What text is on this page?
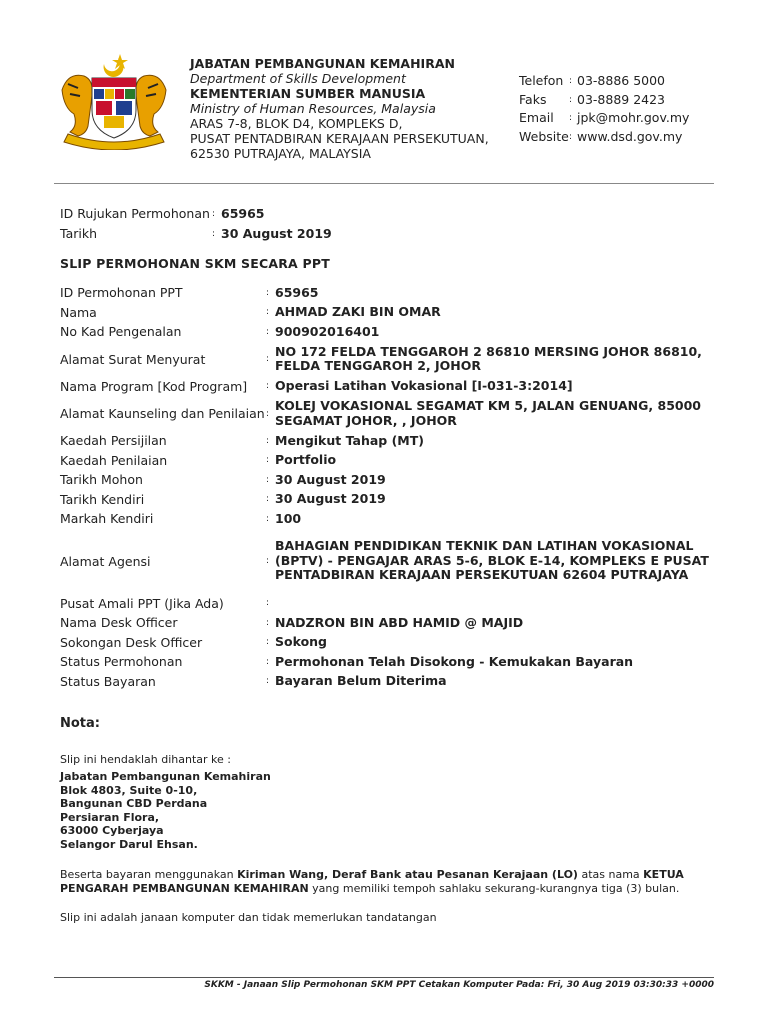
JABATAN PEMBANGUNAN KEMAHIRAN
Department of Skills Development
KEMENTERIAN SUMBER MANUSIA
Ministry of Human Resources, Malaysia
ARAS 7-8, BLOK D4, KOMPLEKS D,
PUSAT PENTADBIRAN KERAJAAN PERSEKUTUAN,
62530 PUTRAJAYA, MALAYSIA
Telefon : 03-8886 5000
Faks	: 03-8889 2423
Email	: jpk@mohr.gov.my
Website : www.dsd.gov.my
ID Rujukan Permohonan : 65965
Tarikh	: 30 August 2019
SLIP PERMOHONAN SKM SECARA PPT
ID Permohonan PPT	: 65965
Nama	: AHMAD ZAKI BIN OMAR
No Kad Pengenalan	: 900902016401
Alamat Surat Menyurat	:
NO 172 FELDA TENGGAROH 2 86810 MERSING JOHOR 86810, FELDA TENGGAROH 2, JOHOR
Nama Program [Kod Program]	: Operasi Latihan Vokasional [I-031-3:2014]
Alamat Kaunseling dan Penilaian :
KOLEJ VOKASIONAL SEGAMAT KM 5, JALAN GENUANG, 85000 SEGAMAT JOHOR, , JOHOR
Kaedah Persijilan	: Mengikut Tahap (MT)
Kaedah Penilaian	: Portfolio
Tarikh Mohon	: 30 August 2019
Tarikh Kendiri	: 30 August 2019
Markah Kendiri	: 100
Alamat Agensi	:
BAHAGIAN PENDIDIKAN TEKNIK DAN LATIHAN VOKASIONAL (BPTV) - PENGAJAR ARAS 5-6, BLOK E-14, KOMPLEKS E PUSAT PENTADBIRAN KERAJAAN PERSEKUTUAN 62604 PUTRAJAYA
Pusat Amali PPT (Jika Ada)	:
Nama Desk Officer	: NADZRON BIN ABD HAMID @ MAJID
Sokongan Desk Officer	: Sokong
Status Permohonan	: Permohonan Telah Disokong - Kemukakan Bayaran
Status Bayaran	: Bayaran Belum Diterima
Nota:
Slip ini hendaklah dihantar ke :
Jabatan Pembangunan Kemahiran
Blok 4803, Suite 0-10,
Bangunan CBD Perdana
Persiaran Flora,
63000 Cyberjaya
Selangor Darul Ehsan.
Beserta bayaran menggunakan Kiriman Wang, Deraf Bank atau Pesanan Kerajaan (LO) atas nama KETUA PENGARAH PEMBANGUNAN KEMAHIRAN yang memiliki tempoh sahlaku sekurang-kurangnya tiga (3) bulan.
Slip ini adalah janaan komputer dan tidak memerlukan tandatangan
SKKM - Janaan Slip Permohonan SKM PPT Cetakan Komputer Pada: Fri, 30 Aug 2019 03:30:33 +0000
